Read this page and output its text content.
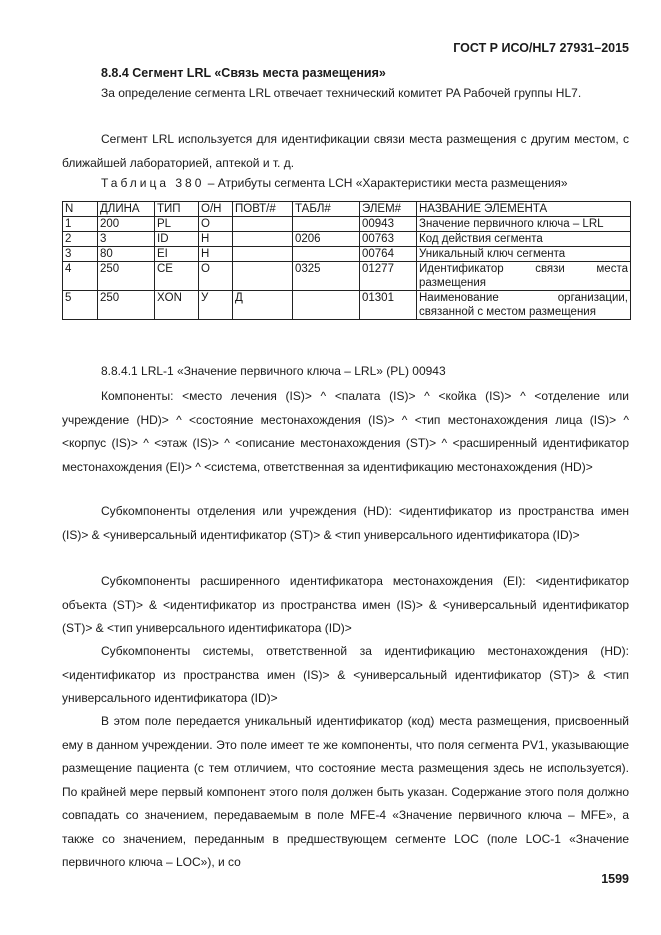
ГОСТ Р ИСО/HL7 27931–2015
8.8.4 Сегмент LRL «Связь места размещения»

За определение сегмента LRL отвечает технический комитет PA Рабочей группы HL7.

Сегмент LRL используется для идентификации связи места размещения с другим местом, с ближайшей лабораторией, аптекой и т. д.

Таблица 380 – Атрибуты сегмента LCH «Характеристики места размещения»
N	ДЛИНА	ТИП	О/Н	ПОВТ/#	ТАБЛ#	ЭЛЕМ#	НАЗВАНИЕ ЭЛЕМЕНТА
1	200	PL	О			00943	Значение первичного ключа – LRL
2	3	ID	Н		0206	00763	Код действия сегмента
3	80	EI	Н			00764	Уникальный ключ сегмента
4	250	CE	О		0325	01277	Идентификатор связи места размещения
5	250	XON	У	Д		01301	Наименование организации, связанной с местом размещения
8.8.4.1 LRL-1 «Значение первичного ключа – LRL» (PL) 00943

Компоненты: <место лечения (IS)> ^ <палата (IS)> ^ <койка (IS)> ^ <отделение или учреждение (HD)> ^ <состояние местонахождения (IS)> ^ <тип местонахождения лица (IS)> ^ <корпус (IS)> ^ <этаж (IS)> ^ <описание местонахождения (ST)> ^ <расширенный идентификатор местонахождения (EI)> ^ <система, ответственная за идентификацию местонахождения (HD)>

Субкомпоненты отделения или учреждения (HD): <идентификатор из пространства имен (IS)> & <универсальный идентификатор (ST)> & <тип универсального идентификатора (ID)>

Субкомпоненты расширенного идентификатора местонахождения (EI): <идентификатор объекта (ST)> & <идентификатор из пространства имен (IS)> & <универсальный идентификатор (ST)> & <тип универсального идентификатора (ID)>

Субкомпоненты системы, ответственной за идентификацию местонахождения (HD): <идентификатор из пространства имен (IS)> & <универсальный идентификатор (ST)> & <тип универсального идентификатора (ID)>

В этом поле передается уникальный идентификатор (код) места размещения, присвоенный ему в данном учреждении. Это поле имеет те же компоненты, что поля сегмента PV1, указывающие размещение пациента (с тем отличием, что состояние места размещения здесь не используется). По крайней мере первый компонент этого поля должен быть указан. Содержание этого поля должно совпадать со значением, передаваемым в поле MFE-4 «Значение первичного ключа – MFE», а также со значением, переданным в предшествующем сегменте LOC (поле LOC-1 «Значение первичного ключа – LOC»), и со

1599
